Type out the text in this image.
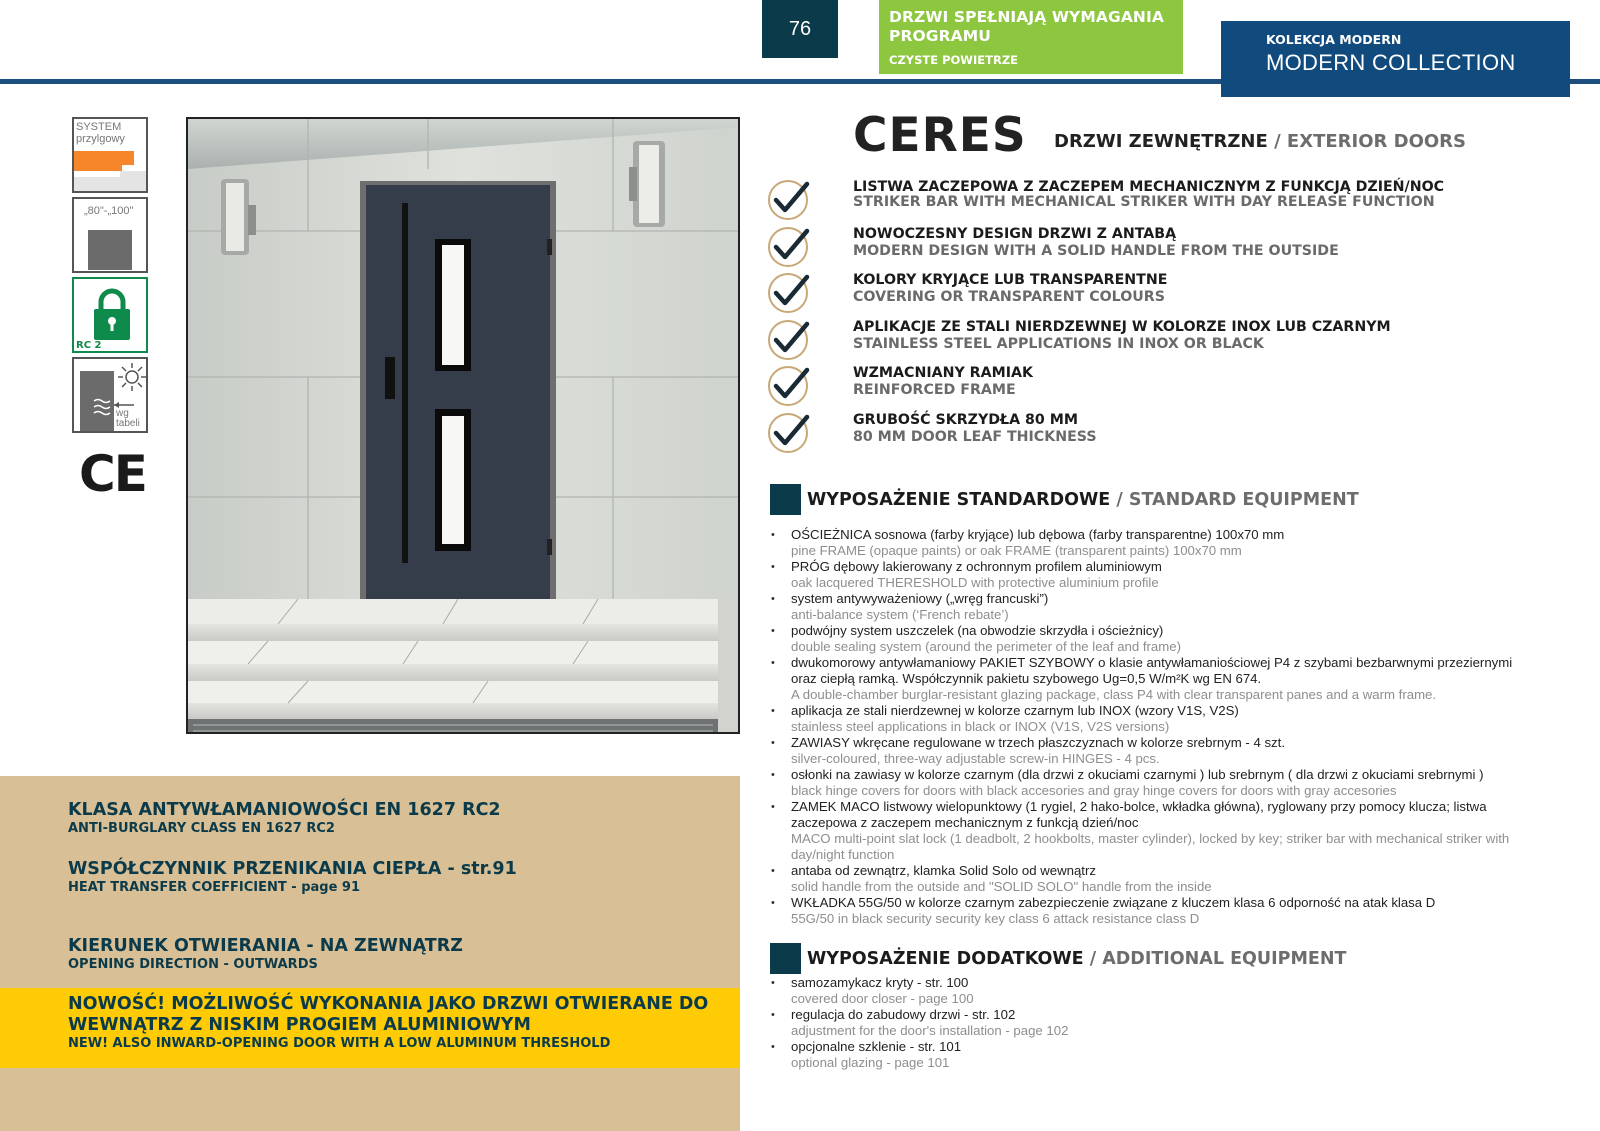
76
DRZWI SPEŁNIAJĄ WYMAGANIA PROGRAMU
CZYSTE POWIETRZE
KOLEKCJA MODERN
MODERN COLLECTION
SYSTEM przylgowy
„80"-„100"
RC 2
wg tabeli
CE
CERES DRZWI ZEWNĘTRZNE / EXTERIOR DOORS
LISTWA ZACZEPOWA Z ZACZEPEM MECHANICZNYM Z FUNKCJĄ DZIEŃ/NOC
STRIKER BAR WITH MECHANICAL STRIKER WITH DAY RELEASE FUNCTION
NOWOCZESNY DESIGN DRZWI Z ANTABĄ
MODERN DESIGN WITH A SOLID HANDLE FROM THE OUTSIDE
KOLORY KRYJĄCE LUB TRANSPARENTNE
COVERING OR TRANSPARENT COLOURS
APLIKACJE ZE STALI NIERDZEWNEJ W KOLORZE INOX LUB CZARNYM
STAINLESS STEEL APPLICATIONS IN INOX OR BLACK
WZMACNIANY RAMIAK
REINFORCED FRAME
GRUBOŚĆ SKRZYDŁA 80 MM
80 MM DOOR LEAF THICKNESS
WYPOSAŻENIE STANDARDOWE / STANDARD EQUIPMENT
• OŚCIEŻNICA sosnowa (farby kryjące) lub dębowa (farby transparentne) 100x70 mm
pine FRAME (opaque paints) or oak FRAME (transparent paints) 100x70 mm
• PRÓG dębowy lakierowany z ochronnym profilem aluminiowym
oak lacquered THERESHOLD with protective aluminium profile
• system antywyważeniowy („wręg francuski”)
anti-balance system (‘French rebate’)
• podwójny system uszczelek (na obwodzie skrzydła i ościeżnicy)
double sealing system (around the perimeter of the leaf and frame)
• dwukomorowy antywłamaniowy PAKIET SZYBOWY o klasie antywłamaniościowej P4 z szybami bezbarwnymi przeziernymi oraz ciepłą ramką. Współczynnik pakietu szybowego Ug=0,5 W/m²K wg EN 674.
A double-chamber burglar-resistant glazing package, class P4 with clear transparent panes and a warm frame.
• aplikacja ze stali nierdzewnej w kolorze czarnym lub INOX (wzory V1S, V2S)
stainless steel applications in black or INOX (V1S, V2S versions)
• ZAWIASY wkręcane regulowane w trzech płaszczyznach w kolorze srebrnym - 4 szt.
silver-coloured, three-way adjustable screw-in HINGES - 4 pcs.
• osłonki na zawiasy w kolorze czarnym (dla drzwi z okuciami czarnymi ) lub srebrnym ( dla drzwi z okuciami srebrnymi )
black hinge covers for doors with black accesories and gray hinge covers for doors with gray accesories
• ZAMEK MACO listwowy wielopunktowy (1 rygiel, 2 hako-bolce, wkładka główna), ryglowany przy pomocy klucza; listwa zaczepowa z zaczepem mechanicznym z funkcją dzień/noc
MACO multi-point slat lock (1 deadbolt, 2 hookbolts, master cylinder), locked by key; striker bar with mechanical striker with day/night function
• antaba od zewnątrz, klamka Solid Solo od wewnątrz
solid handle from the outside and "SOLID SOLO" handle from the inside
• WKŁADKA 55G/50 w kolorze czarnym zabezpieczenie związane z kluczem klasa 6 odporność na atak klasa D
55G/50 in black security security key class 6 attack resistance class D
WYPOSAŻENIE DODATKOWE / ADDITIONAL EQUIPMENT
• samozamykacz kryty - str. 100
covered door closer - page 100
• regulacja do zabudowy drzwi - str. 102
adjustment for the door's installation - page 102
• opcjonalne szklenie - str. 101
optional glazing - page 101
KLASA ANTYWŁAMANIOWOŚCI EN 1627 RC2
ANTI-BURGLARY CLASS EN 1627 RC2
WSPÓŁCZYNNIK PRZENIKANIA CIEPŁA - str.91
HEAT TRANSFER COEFFICIENT - page 91
KIERUNEK OTWIERANIA - NA ZEWNĄTRZ
OPENING DIRECTION - OUTWARDS
NOWOŚĆ! MOŻLIWOŚĆ WYKONANIA JAKO DRZWI OTWIERANE DO
WEWNĄTRZ Z NISKIM PROGIEM ALUMINIOWYM
NEW! ALSO INWARD-OPENING DOOR WITH A LOW ALUMINUM THRESHOLD
